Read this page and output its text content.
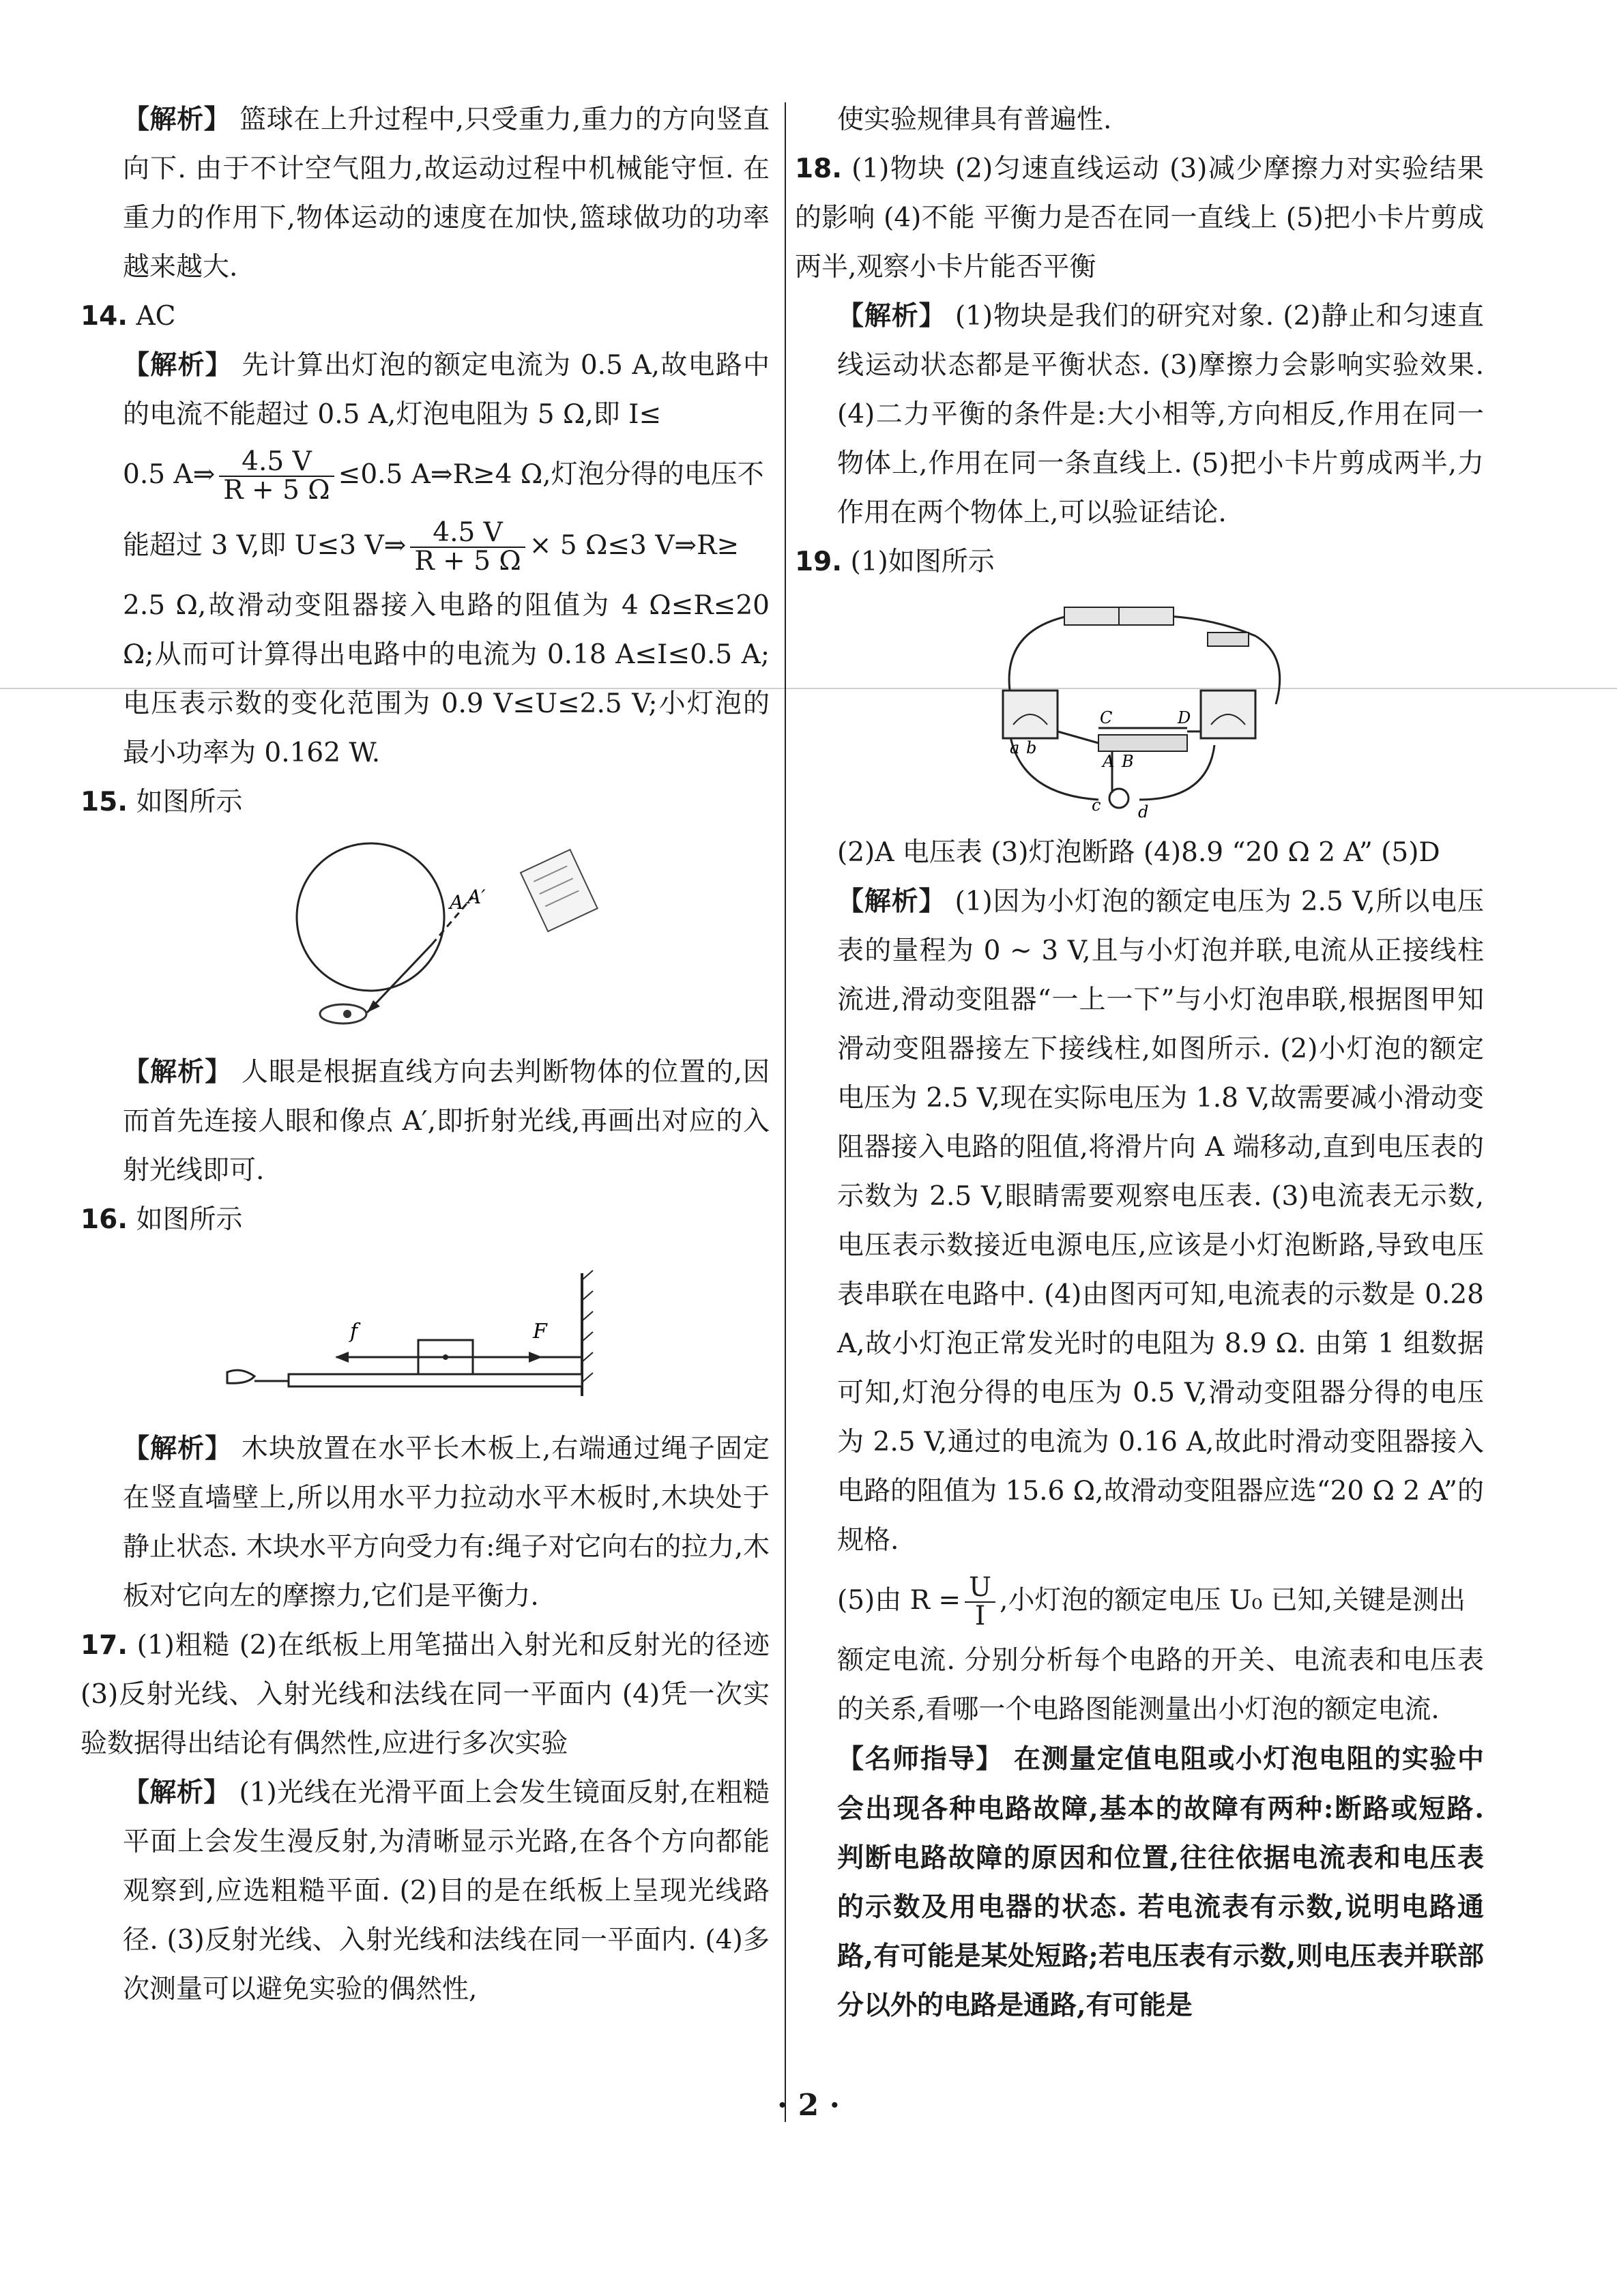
【解析】 篮球在上升过程中,只受重力,重力的方向竖直向下. 由于不计空气阻力,故运动过程中机械能守恒. 在重力的作用下,物体运动的速度在加快,篮球做功的功率越来越大.

14. AC

【解析】 先计算出灯泡的额定电流为 0.5 A,故电路中的电流不能超过 0.5 A,灯泡电阻为 5 Ω,即 I≤

0.5 A⇒ $\frac{4.5 V}{R + 5 \Omega} \le 0.5$ A⇒R≥4 Ω,灯泡分得的电压不

能超过 3 V,即 U≤3 V⇒ $\frac{4.5 V}{R + 5 \Omega} \times 5$ Ω≤3 V⇒R≥

2.5 Ω,故滑动变阻器接入电路的阻值为 4 Ω≤R≤20 Ω;从而可计算得出电路中的电流为 0.18 A≤I≤0.5 A;电压表示数的变化范围为 0.9 V≤U≤2.5 V;小灯泡的最小功率为 0.162 W.

15. 如图所示

A A′

【解析】 人眼是根据直线方向去判断物体的位置的,因而首先连接人眼和像点 A′,即折射光线,再画出对应的入射光线即可.

16. 如图所示

f	F

【解析】 木块放置在水平长木板上,右端通过绳子固定在竖直墙壁上,所以用水平力拉动水平木板时,木块处于静止状态. 木块水平方向受力有:绳子对它向右的拉力,木板对它向左的摩擦力,它们是平衡力.

17. (1)粗糙 (2)在纸板上用笔描出入射光和反射光的径迹 (3)反射光线、入射光线和法线在同一平面内 (4)凭一次实验数据得出结论有偶然性,应进行多次实验

【解析】 (1)光线在光滑平面上会发生镜面反射,在粗糙平面上会发生漫反射,为清晰显示光路,在各个方向都能观察到,应选粗糙平面. (2)目的是在纸板上呈现光线路径. (3)反射光线、入射光线和法线在同一平面内. (4)多次测量可以避免实验的偶然性,

使实验规律具有普遍性.

18. (1)物块 (2)匀速直线运动 (3)减少摩擦力对实验结果的影响 (4)不能 平衡力是否在同一直线上 (5)把小卡片剪成两半,观察小卡片能否平衡

【解析】 (1)物块是我们的研究对象. (2)静止和匀速直线运动状态都是平衡状态. (3)摩擦力会影响实验效果. (4)二力平衡的条件是:大小相等,方向相反,作用在同一物体上,作用在同一条直线上. (5)把小卡片剪成两半,力作用在两个物体上,可以验证结论.

19. (1)如图所示

C	D
A B
a b
c d

(2)A 电压表 (3)灯泡断路 (4)8.9 “20 Ω 2 A” (5)D

【解析】 (1)因为小灯泡的额定电压为 2.5 V,所以电压表的量程为 0 ~ 3 V,且与小灯泡并联,电流从正接线柱流进,滑动变阻器“一上一下”与小灯泡串联,根据图甲知滑动变阻器接左下接线柱,如图所示. (2)小灯泡的额定电压为 2.5 V,现在实际电压为 1.8 V,故需要减小滑动变阻器接入电路的阻值,将滑片向 A 端移动,直到电压表的示数为 2.5 V,眼睛需要观察电压表. (3)电流表无示数,电压表示数接近电源电压,应该是小灯泡断路,导致电压表串联在电路中. (4)由图丙可知,电流表的示数是 0.28 A,故小灯泡正常发光时的电阻为 8.9 Ω. 由第 1 组数据可知,灯泡分得的电压为 0.5 V,滑动变阻器分得的电压为 2.5 V,通过的电流为 0.16 A,故此时滑动变阻器接入电路的阻值为 15.6 Ω,故滑动变阻器应选“20 Ω 2 A”的规格.

(5)由 $R = \frac{U}{I}$ ,小灯泡的额定电压 U₀ 已知,关键是测出

额定电流. 分别分析每个电路的开关、电流表和电压表的关系,看哪一个电路图能测量出小灯泡的额定电流.

【名师指导】 在测量定值电阻或小灯泡电阻的实验中会出现各种电路故障,基本的故障有两种:断路或短路. 判断电路故障的原因和位置,往往依据电流表和电压表的示数及用电器的状态. 若电流表有示数,说明电路通路,有可能是某处短路;若电压表有示数,则电压表并联部分以外的电路是通路,有可能是

· 2 ·
